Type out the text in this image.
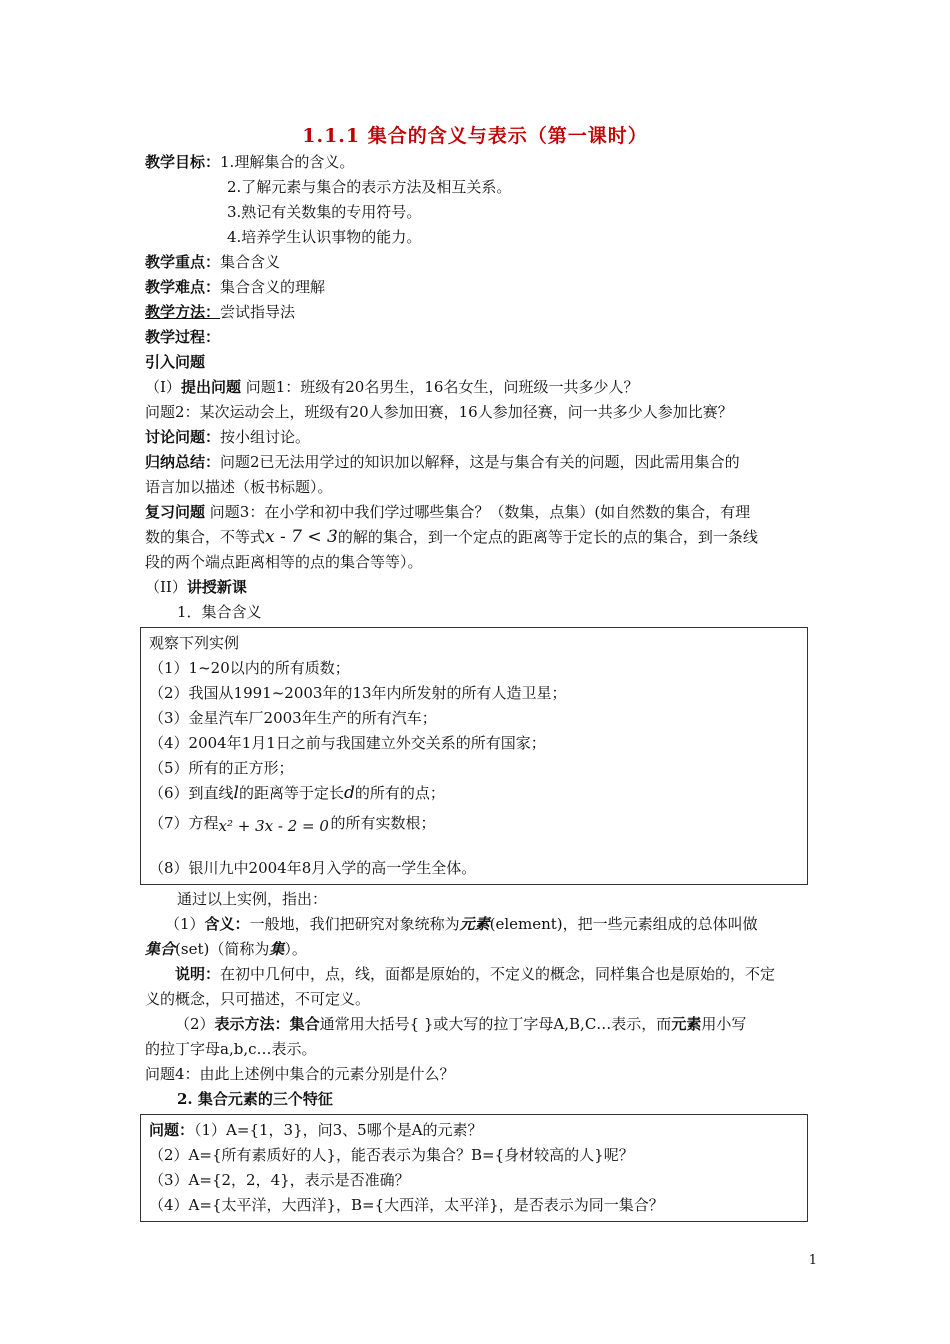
1.1.1 集合的含义与表示（第一课时）
教学目标：1.理解集合的含义。
2.了解元素与集合的表示方法及相互关系。
3.熟记有关数集的专用符号。
4.培养学生认识事物的能力。
教学重点：集合含义
教学难点：集合含义的理解
教学方法：尝试指导法
教学过程：
引入问题
（I）提出问题 问题1：班级有20名男生，16名女生，问班级一共多少人？
问题2：某次运动会上，班级有20人参加田赛，16人参加径赛，问一共多少人参加比赛？
讨论问题：按小组讨论。
归纳总结：问题2已无法用学过的知识加以解释，这是与集合有关的问题，因此需用集合的
语言加以描述（板书标题）。
复习问题 问题3：在小学和初中我们学过哪些集合？（数集，点集）(如自然数的集合，有理
数的集合，不等式x - 7 < 3的解的集合，到一个定点的距离等于定长的点的集合，到一条线
段的两个端点距离相等的点的集合等等）。
（II）讲授新课
1．集合含义
观察下列实例
（1）1~20以内的所有质数；
（2）我国从1991~2003年的13年内所发射的所有人造卫星；
（3）金星汽车厂2003年生产的所有汽车；
（4）2004年1月1日之前与我国建立外交关系的所有国家；
（5）所有的正方形；
（6）到直线l的距离等于定长d的所有的点；
（7）方程 x² + 3x - 2 = 0 的所有实数根；
（8）银川九中2004年8月入学的高一学生全体。
通过以上实例，指出：
（1）含义：一般地，我们把研究对象统称为元素(element)，把一些元素组成的总体叫做
集合(set)（简称为集）。
说明：在初中几何中，点，线，面都是原始的，不定义的概念，同样集合也是原始的，不定
义的概念，只可描述，不可定义。
（2）表示方法：集合通常用大括号{ }或大写的拉丁字母A,B,C…表示，而元素用小写
的拉丁字母a,b,c…表示。
问题4：由此上述例中集合的元素分别是什么？
2. 集合元素的三个特征
问题：（1）A={1，3}，问3、5哪个是A的元素？
（2）A={所有素质好的人}，能否表示为集合？B={身材较高的人}呢？
（3）A={2，2，4}，表示是否准确？
（4）A={太平洋，大西洋}，B={大西洋，太平洋}，是否表示为同一集合？
1
